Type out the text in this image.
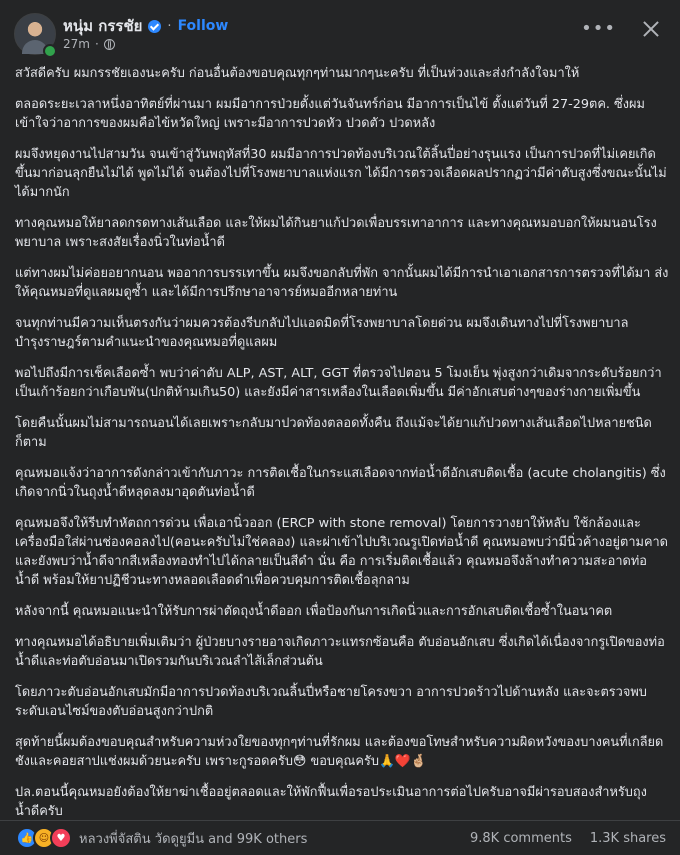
หนุ่ม กรรชัย · Follow
27m ·
•••

สวัสดีครับ ผมกรรชัยเองนะครับ ก่อนอื่นต้องขอบคุณทุกๆท่านมากๆนะครับ ที่เป็นห่วงและส่งกำลังใจมาให้

ตลอดระยะเวลาหนึ่งอาทิตย์ที่ผ่านมา ผมมีอาการป่วยตั้งแต่วันจันทร์ก่อน มีอาการเป็นไข้ ตั้งแต่วันที่ 27-29ตค. ซึ่งผมเข้าใจว่าอาการของผมคือไข้หวัดใหญ่ เพราะมีอาการปวดหัว ปวดตัว ปวดหลัง

ผมจึงหยุดงานไปสามวัน จนเข้าสู่วันพฤหัสที่30 ผมมีอาการปวดท้องบริเวณใต้ลิ้นปี่อย่างรุนแรง เป็นการปวดที่ไม่เคยเกิดขึ้นมาก่อนลุกยืนไม่ได้ พูดไม่ได้ จนต้องไปที่โรงพยาบาลแห่งแรก ได้มีการตรวจเลือดผลปรากฏว่ามีค่าตับสูงซึ่งขณะนั้นไม่ได้มากนัก

ทางคุณหมอให้ยาลดกรดทางเส้นเลือด และให้ผมได้กินยาแก้ปวดเพื่อบรรเทาอาการ และทางคุณหมอบอกให้ผมนอนโรงพยาบาล เพราะสงสัยเรื่องนิ่วในท่อน้ำดี

แต่ทางผมไม่ค่อยอยากนอน พออาการบรรเทาขึ้น ผมจึงขอกลับที่พัก จากนั้นผมได้มีการนำเอาเอกสารการตรวจที่ได้มา ส่งให้คุณหมอที่ดูแลผมดูซ้ำ และได้มีการปรึกษาอาจารย์หมออีกหลายท่าน

จนทุกท่านมีความเห็นตรงกันว่าผมควรต้องรีบกลับไปแอดมิดที่โรงพยาบาลโดยด่วน ผมจึงเดินทางไปที่โรงพยาบาลบำรุงราษฎร์ตามคำแนะนำของคุณหมอที่ดูแลผม

พอไปถึงมีการเช็คเลือดซ้ำ พบว่าค่าตับ ALP, AST, ALT, GGT ที่ตรวจไปตอน 5 โมงเย็น พุ่งสูงกว่าเดิมจากระดับร้อยกว่าเป็นเก้าร้อยกว่าเกือบพัน(ปกติห้ามเกิน50) และยังมีค่าสารเหลืองในเลือดเพิ่มขึ้น มีค่าอักเสบต่างๆของร่างกายเพิ่มขึ้น

โดยคืนนั้นผมไม่สามารถนอนได้เลยเพราะกลับมาปวดท้องตลอดทั้งคืน ถึงแม้จะได้ยาแก้ปวดทางเส้นเลือดไปหลายชนิดก็ตาม

คุณหมอแจ้งว่าอาการดังกล่าวเข้ากับภาวะ การติดเชื้อในกระแสเลือดจากท่อน้ำดีอักเสบติดเชื้อ (acute cholangitis) ซึ่งเกิดจากนิ่วในถุงน้ำดีหลุดลงมาอุดตันท่อน้ำดี

คุณหมอจึงให้รีบทำหัตถการด่วน เพื่อเอานิ่วออก (ERCP with stone removal) โดยการวางยาให้หลับ ใช้กล้องและเครื่องมือใส่ผ่านช่องคอลงไป(คอนะครับไม่ใช่คลอง) และผ่าเข้าไปบริเวณรูเปิดท่อน้ำดี คุณหมอพบว่ามีนิ่วค้างอยู่ตามคาดและยังพบว่าน้ำดีจากสีเหลืองทองทำไปได้กลายเป็นสีดำ นั่น คือ การเริ่มติดเชื้อแล้ว คุณหมอจึงล้างทำความสะอาดท่อน้ำดี พร้อมให้ยาปฏิชีวนะทางหลอดเลือดดำเพื่อควบคุมการติดเชื้อลุกลาม

หลังจากนี้ คุณหมอแนะนำให้รับการผ่าตัดถุงน้ำดีออก เพื่อป้องกันการเกิดนิ่วและการอักเสบติดเชื้อซ้ำในอนาคต

ทางคุณหมอได้อธิบายเพิ่มเติมว่า ผู้ป่วยบางรายอาจเกิดภาวะแทรกซ้อนคือ ตับอ่อนอักเสบ ซึ่งเกิดได้เนื่องจากรูเปิดของท่อน้ำดีและท่อตับอ่อนมาเปิดรวมกันบริเวณลำไส้เล็กส่วนต้น

โดยภาวะตับอ่อนอักเสบมักมีอาการปวดท้องบริเวณลิ้นปี่หรือชายโครงขวา อาการปวดร้าวไปด้านหลัง และจะตรวจพบระดับเอนไซม์ของตับอ่อนสูงกว่าปกติ

สุดท้ายนี้ผมต้องขอบคุณสำหรับความห่วงใยของทุกๆท่านที่รักผม และต้องขอโทษสำหรับความผิดหวังของบางคนที่เกลียดชังและคอยสาปแช่งผมด้วยนะครับ เพราะกูรอดครับ😳 ขอบคุณครับ🙏❤️🤞🏼

ปล.ตอนนี้คุณหมอยังต้องให้ยาฆ่าเชื้ออยู่ตลอดและให้พักฟื้นเพื่อรอประเมินอาการต่อไปครับอาจมีผ่ารอบสองสำหรับถุงน้ำดีครับ

👍 ☺ ♥	หลวงพี่จัสติน วัดดูยูมีน and 99K others	9.8K comments 1.3K shares
